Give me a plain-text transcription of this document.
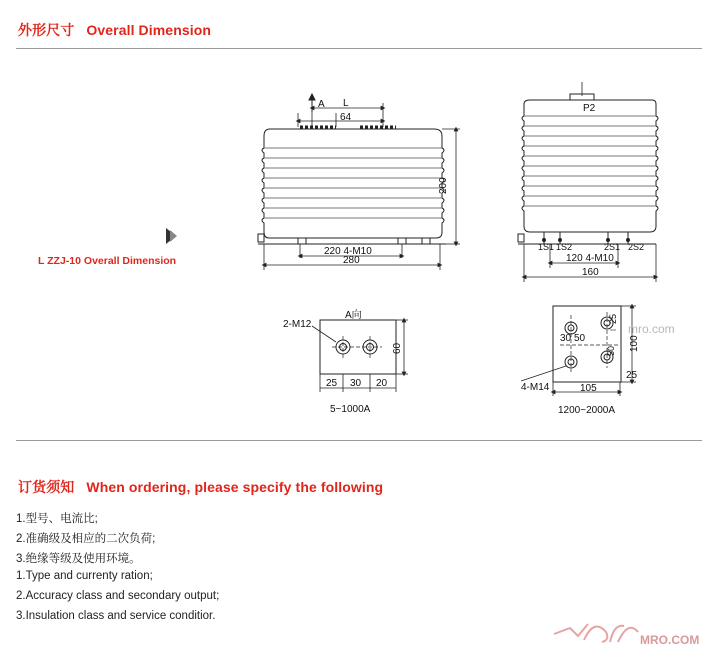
外形尺寸 Overall Dimension
A L
64
220 4-M10
280
200
P2
1S1 1S2	2S1 2S2
120 4-M10
160
A向
2-M12
25 30 20
60
5~1000A
30 50
25
50 100
25
105
4-M14
1200~2000A
L ZZJ-10 Overall Dimension
订货须知 When ordering, please specify the following
1.型号、电流比;
2.准确级及相应的二次负荷;
3.绝缘等级及使用环境。
1.Type and currenty ration;
2.Accuracy class and secondary output;
3.Insulation class and service conditior.
mro.com
MRO.COM
